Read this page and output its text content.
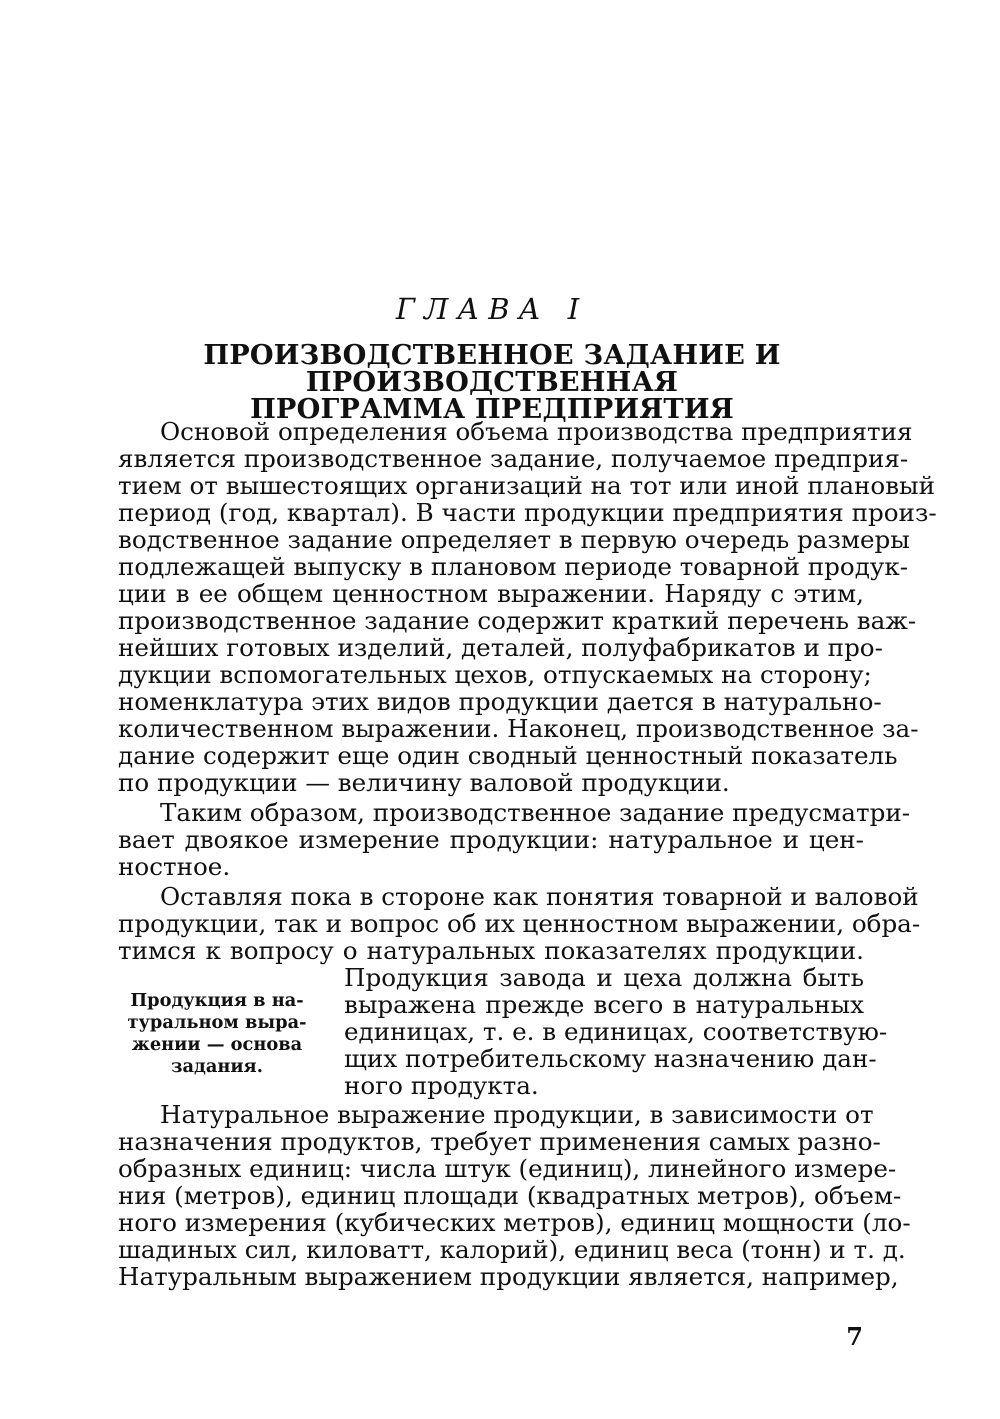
ГЛАВА I

ПРОИЗВОДСТВЕННОЕ ЗАДАНИЕ И ПРОИЗВОДСТВЕННАЯ
ПРОГРАММА ПРЕДПРИЯТИЯ

Основой определения объема производства предприятия

является производственное задание, получаемое предприя-

тием от вышестоящих организаций на тот или иной плановый

период (год, квартал). В части продукции предприятия произ-

водственное задание определяет в первую очередь размеры

подлежащей выпуску в плановом периоде товарной продук-

ции в ее общем ценностном выражении. Наряду с этим,

производственное задание содержит краткий перечень важ-

нейших готовых изделий, деталей, полуфабрикатов и про-

дукции вспомогательных цехов, отпускаемых на сторону;

номенклатура этих видов продукции дается в натурально-

количественном выражении. Наконец, производственное за-

дание содержит еще один сводный ценностный показатель

по продукции — величину валовой продукции.

Таким образом, производственное задание предусматри-

вает двоякое измерение продукции: натуральное и цен-

ностное.

Оставляя пока в стороне как понятия товарной и валовой

продукции, так и вопрос об их ценностном выражении, обра-

тимся к вопросу о натуральных показателях продукции.

Продукция завода и цеха должна быть

выражена прежде всего в натуральных

единицах, т. е. в единицах, соответствую-

щих потребительскому назначению дан-

ного продукта.

Натуральное выражение продукции, в зависимости от

назначения продуктов, требует применения самых разно-

образных единиц: числа штук (единиц), линейного измере-

ния (метров), единиц площади (квадратных метров), объем-

ного измерения (кубических метров), единиц мощности (ло-

шадиных сил, киловатт, калорий), единиц веса (тонн) и т. д.

Натуральным выражением продукции является, например,

Продукция в на-
туральном выра-
жении — основа
задания.

7
